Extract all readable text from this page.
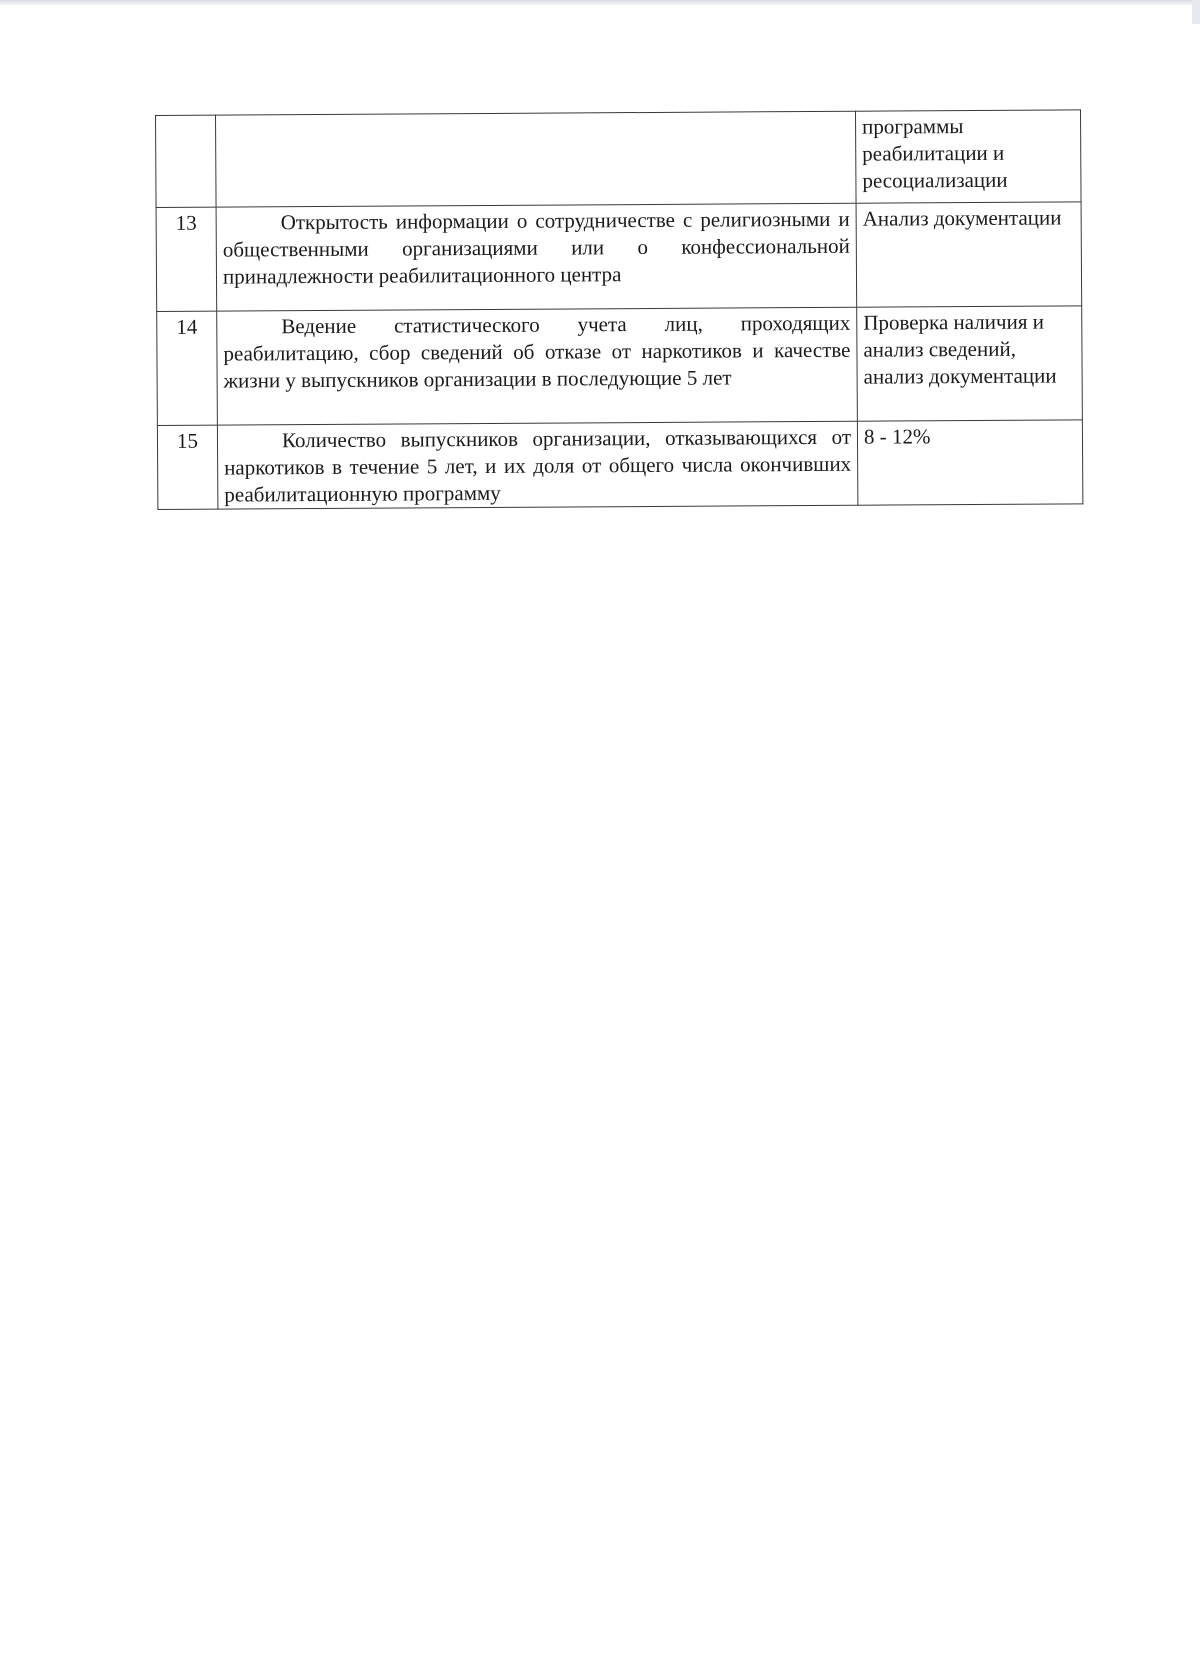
		программы реабилитации и ресоциализации
13	Открытость информации о сотрудничестве с религиозными и общественными организациями или о конфессиональной принадлежности реабилитационного центра	Анализ документации
14	Ведение статистического учета лиц, проходящих реабилитацию, сбор сведений об отказе от наркотиков и качестве жизни у выпускников организации в последующие 5 лет	Проверка наличия и анализ сведений, анализ документации
15	Количество выпускников организации, отказывающихся от наркотиков в течение 5 лет, и их доля от общего числа окончивших реабилитационную программу	8 - 12%
